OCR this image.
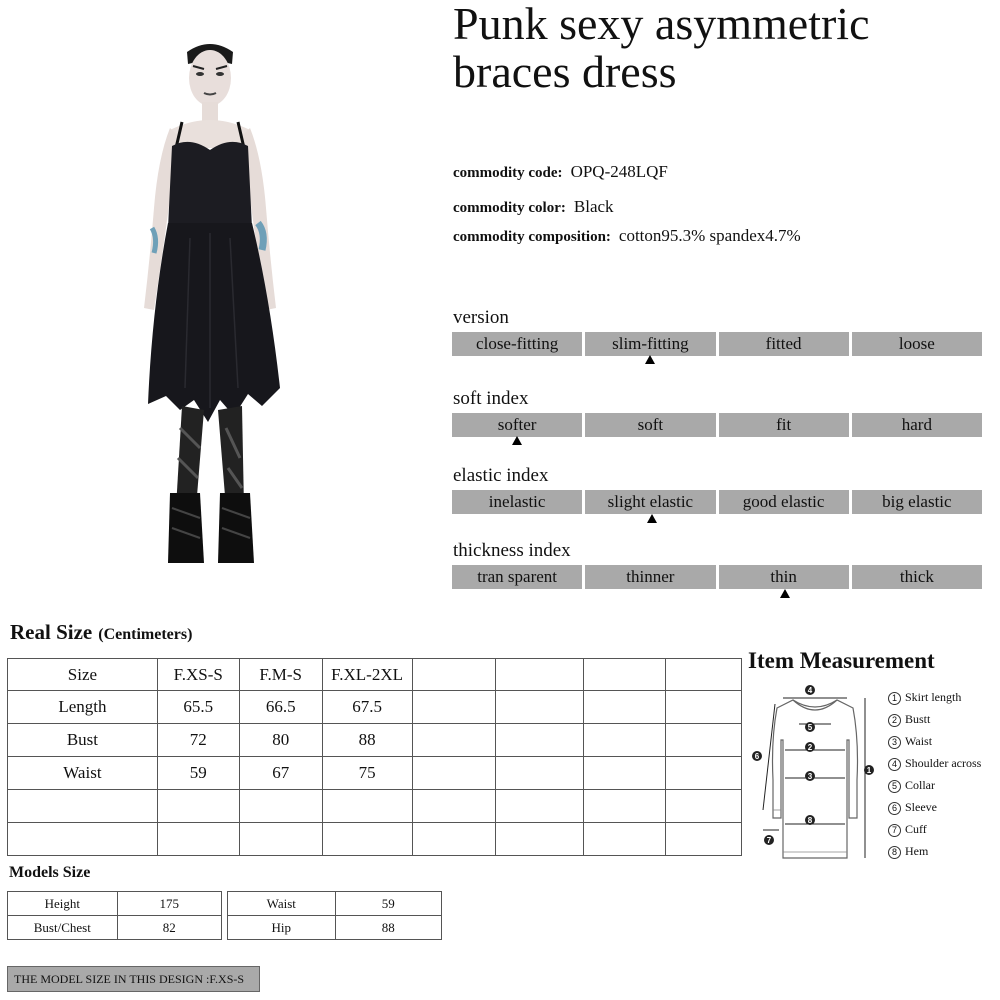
Punk sexy asymmetric braces dress
commodity code: OPQ-248LQF
commodity color: Black
commodity composition: cotton95.3% spandex4.7%
version
close-fitting	slim-fitting	fitted	loose
soft index
softer	soft	fit	hard
elastic index
inelastic	slight elastic	good elastic	big elastic
thickness index
tran sparent	thinner	thin	thick
Real Size (Centimeters)
Size	F.XS-S	F.M-S	F.XL-2XL				
Length	65.5	66.5	67.5				
Bust	72	80	88				
Waist	59	67	75				

Models Size
Height	175
Bust/Chest	82
Waist	59
Hip	88
THE MODEL SIZE IN THIS DESIGN :F.XS-S
Item Measurement
4
5
2
3
8
1
6
7
1 Skirt length
2 Bustt
3 Waist
4 Shoulder across
5 Collar
6 Sleeve
7 Cuff
8 Hem
